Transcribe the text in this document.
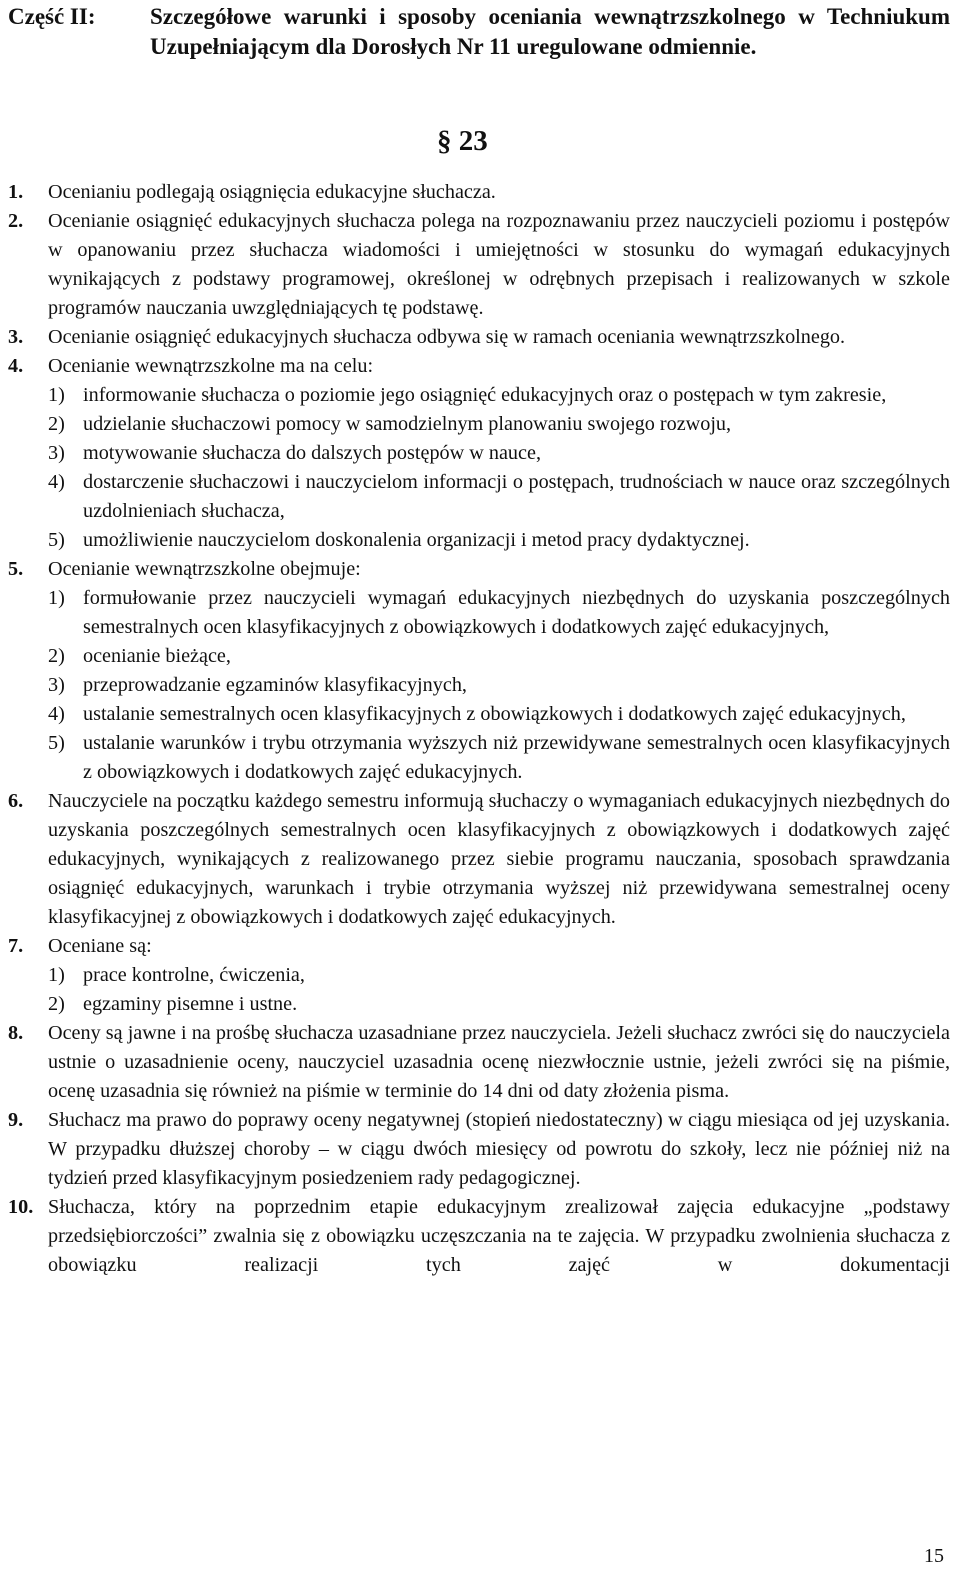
Część II: Szczegółowe warunki i sposoby oceniania wewnątrzszkolnego w Techniukum Uzupełniającym dla Dorosłych Nr 11 uregulowane odmiennie.
§ 23
1. Ocenianiu podlegają osiągnięcia edukacyjne słuchacza.
2. Ocenianie osiągnięć edukacyjnych słuchacza polega na rozpoznawaniu przez nauczycieli poziomu i postępów w opanowaniu przez słuchacza wiadomości i umiejętności w stosunku do wymagań edukacyjnych wynikających z podstawy programowej, określonej w odrębnych przepisach i realizowanych w szkole programów nauczania uwzględniających tę podstawę.
3. Ocenianie osiągnięć edukacyjnych słuchacza odbywa się w ramach oceniania wewnątrzszkolnego.
4. Ocenianie wewnątrzszkolne ma na celu:
1) informowanie słuchacza o poziomie jego osiągnięć edukacyjnych oraz o postępach w tym zakresie,
2) udzielanie słuchaczowi pomocy w samodzielnym planowaniu swojego rozwoju,
3) motywowanie słuchacza do dalszych postępów w nauce,
4) dostarczenie słuchaczowi i nauczycielom informacji o postępach, trudnościach w nauce oraz szczególnych uzdolnieniach słuchacza,
5) umożliwienie nauczycielom doskonalenia organizacji i metod pracy dydaktycznej.
5. Ocenianie wewnątrzszkolne obejmuje:
1) formułowanie przez nauczycieli wymagań edukacyjnych niezbędnych do uzyskania poszczególnych semestralnych ocen klasyfikacyjnych z obowiązkowych i dodatkowych zajęć edukacyjnych,
2) ocenianie bieżące,
3) przeprowadzanie egzaminów klasyfikacyjnych,
4) ustalanie semestralnych ocen klasyfikacyjnych z obowiązkowych i dodatkowych zajęć edukacyjnych,
5) ustalanie warunków i trybu otrzymania wyższych niż przewidywane semestralnych ocen klasyfikacyjnych z obowiązkowych i dodatkowych zajęć edukacyjnych.
6. Nauczyciele na początku każdego semestru informują słuchaczy o wymaganiach edukacyjnych niezbędnych do uzyskania poszczególnych semestralnych ocen klasyfikacyjnych z obowiązkowych i dodatkowych zajęć edukacyjnych, wynikających z realizowanego przez siebie programu nauczania, sposobach sprawdzania osiągnięć edukacyjnych, warunkach i trybie otrzymania wyższej niż przewidywana semestralnej oceny klasyfikacyjnej z obowiązkowych i dodatkowych zajęć edukacyjnych.
7. Oceniane są:
1) prace kontrolne, ćwiczenia,
2) egzaminy pisemne i ustne.
8. Oceny są jawne i na prośbę słuchacza uzasadniane przez nauczyciela. Jeżeli słuchacz zwróci się do nauczyciela ustnie o uzasadnienie oceny, nauczyciel uzasadnia ocenę niezwłocznie ustnie, jeżeli zwróci się na piśmie, ocenę uzasadnia się również na piśmie w terminie do 14 dni od daty złożenia pisma.
9. Słuchacz ma prawo do poprawy oceny negatywnej (stopień niedostateczny) w ciągu miesiąca od jej uzyskania. W przypadku dłuższej choroby – w ciągu dwóch miesięcy od powrotu do szkoły, lecz nie później niż na tydzień przed klasyfikacyjnym posiedzeniem rady pedagogicznej.
10. Słuchacza, który na poprzednim etapie edukacyjnym zrealizował zajęcia edukacyjne „podstawy przedsiębiorczości” zwalnia się z obowiązku uczęszczania na te zajęcia. W przypadku zwolnienia słuchacza z obowiązku realizacji tych zajęć w dokumentacji
15
